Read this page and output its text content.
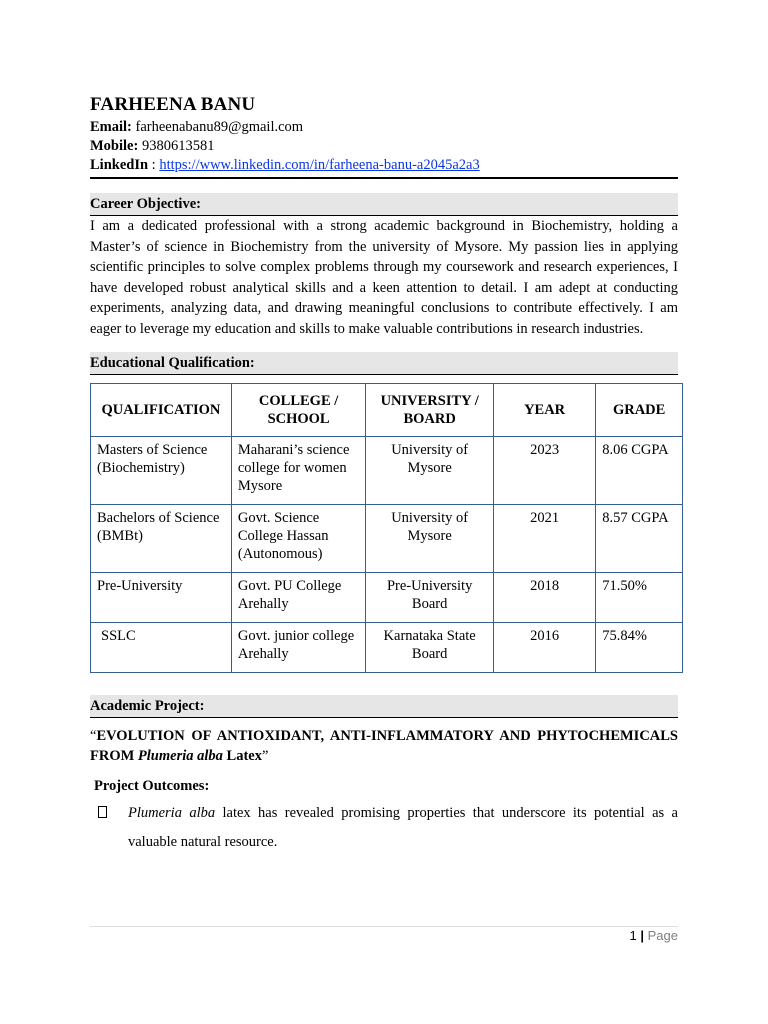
FARHEENA BANU
Email: farheenabanu89@gmail.com
Mobile: 9380613581
LinkedIn : https://www.linkedin.com/in/farheena-banu-a2045a2a3
Career Objective:

I am a dedicated professional with a strong academic background in Biochemistry, holding a Master’s of science in Biochemistry from the university of Mysore. My passion lies in applying scientific principles to solve complex problems through my coursework and research experiences, I have developed robust analytical skills and a keen attention to detail. I am adept at conducting experiments, analyzing data, and drawing meaningful conclusions to contribute effectively. I am eager to leverage my education and skills to make valuable contributions in research industries.

Educational Qualification:
QUALIFICATION	COLLEGE / SCHOOL	UNIVERSITY / BOARD	YEAR	GRADE
Masters of Science (Biochemistry)	Maharani’s science college for women Mysore	University of Mysore	2023	8.06 CGPA
Bachelors of Science (BMBt)	Govt. Science College Hassan (Autonomous)	University of Mysore	2021	8.57 CGPA
Pre-University	Govt. PU College Arehally	Pre-University Board	2018	71.50%
SSLC	Govt. junior college Arehally	Karnataka State Board	2016	75.84%
Academic Project:
“EVOLUTION OF ANTIOXIDANT, ANTI-INFLAMMATORY AND PHYTOCHEMICALS FROM Plumeria alba Latex”
Project Outcomes:
Plumeria alba latex has revealed promising properties that underscore its potential as a valuable natural resource.
1 | Page
